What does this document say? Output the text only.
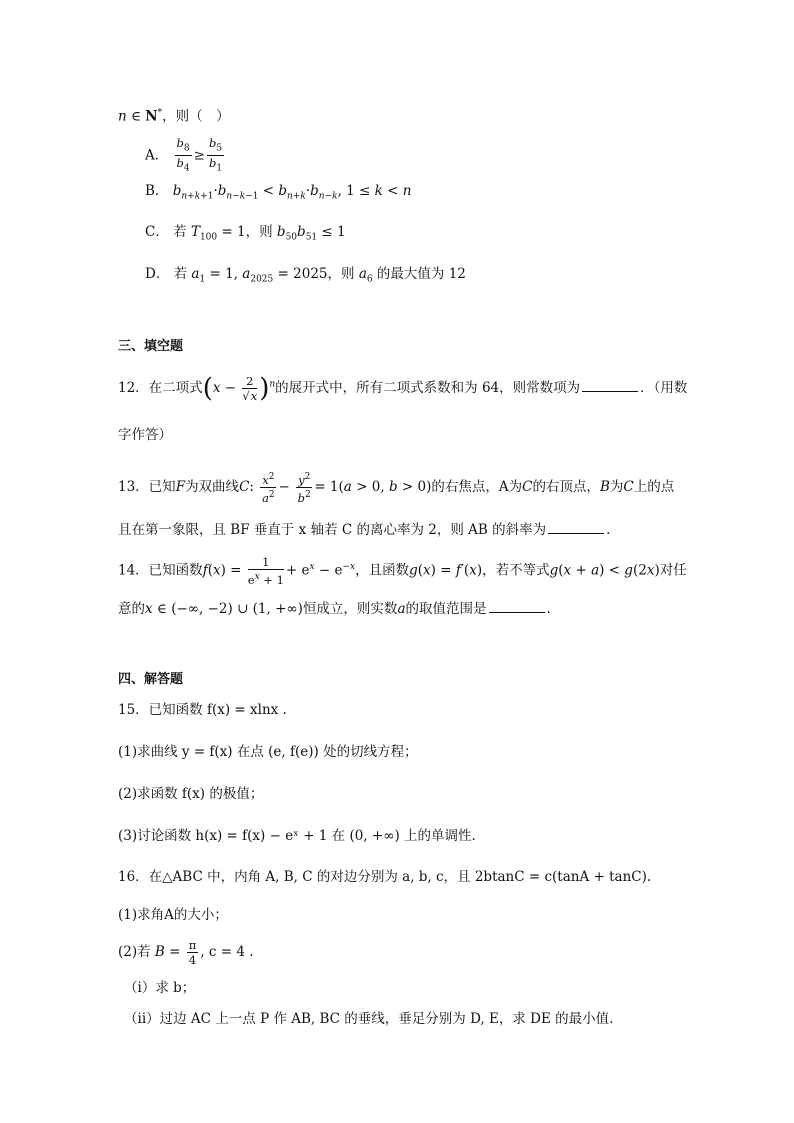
n ∈ N*，则（　）
A． $\frac{b_8}{b_4} \ge \frac{b_5}{b_1}$
B． $b_{n+k+1}\cdot b_{n-k-1} < b_{n+k}\cdot b_{n-k}$, 1 ≤ k < n
C． 若 $T_{100} = 1$，则 $b_{50}b_{51} \le 1$
D． 若 $a_1 = 1$, $a_{2025} = 2025$，则 $a_6$ 的最大值为 12
三、填空题
12．在二项式$(x - \frac{2}{√x} )^n$的展开式中，所有二项式系数和为 64，则常数项为	．（用数
字作答）
13．已知F为双曲线C: $\frac{x^2}{a^2} - \frac{y^2}{b^2} = 1(a > 0$, b > 0)的右焦点，A为C的右顶点，B为C上的点
且在第一象限，且 BF 垂直于 x 轴若 C 的离心率为 2，则 AB 的斜率为	.
14．已知函数$f(x) = \frac{1}{e^x + 1} + e^x - e^{-x}$，且函数g(x) = f′(x)，若不等式g(x + a) < g(2x)对任
意的x ∈ (−∞, −2) ∪ (1, +∞)恒成立，则实数a的取值范围是	.
四、解答题
15．已知函数 f(x) = xlnx .
(1)求曲线 y = f(x) 在点 (e, f(e)) 处的切线方程；
(2)求函数 f(x) 的极值；
(3)讨论函数 h(x) = f(x) − eˣ + 1 在 (0, +∞) 上的单调性.
16．在△ABC 中，内角 A, B, C 的对边分别为 a, b, c，且 2btanC = c(tanA + tanC).
(1)求角A的大小；
(2)若 $B = \frac{\pi}{4}$ , c = 4 .
（i）求 b；
（ii）过边 AC 上一点 P 作 AB, BC 的垂线，垂足分别为 D, E，求 DE 的最小值.
